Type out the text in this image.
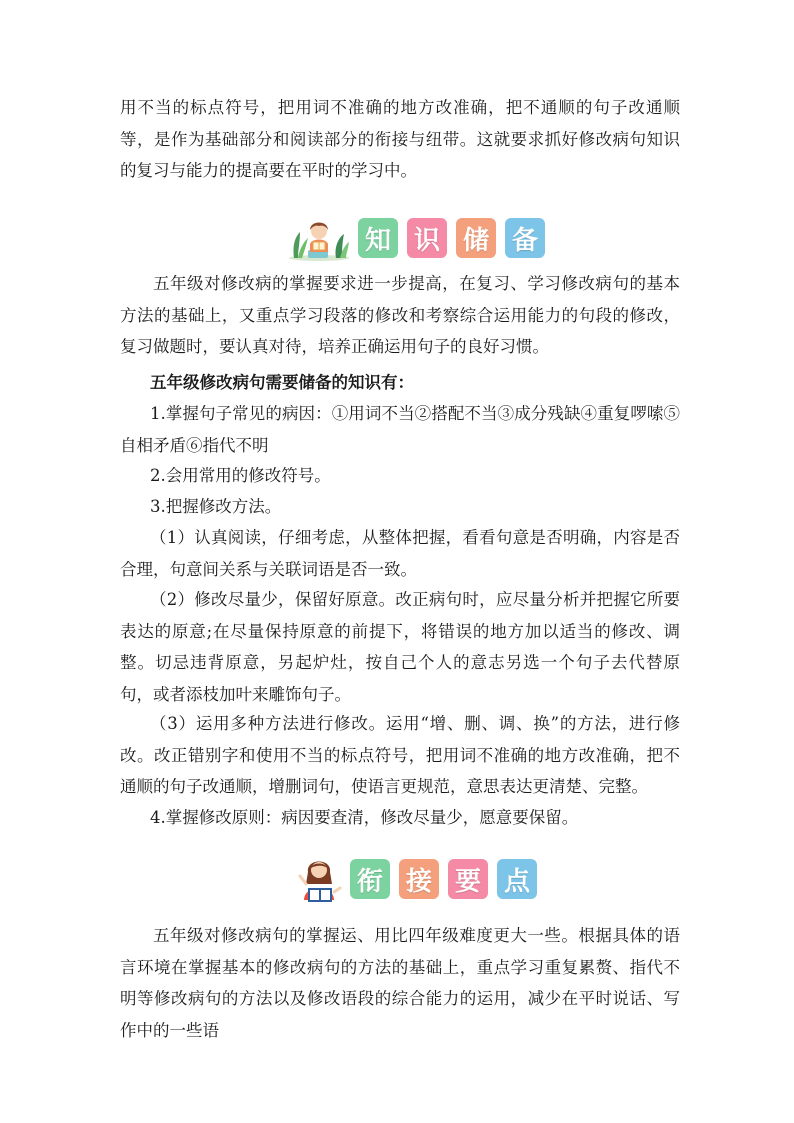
用不当的标点符号，把用词不准确的地方改准确，把不通顺的句子改通顺等，是作为基础部分和阅读部分的衔接与纽带。这就要求抓好修改病句知识的复习与能力的提高要在平时的学习中。

知 识 储 备

五年级对修改病的掌握要求进一步提高，在复习、学习修改病句的基本方法的基础上，又重点学习段落的修改和考察综合运用能力的句段的修改，复习做题时，要认真对待，培养正确运用句子的良好习惯。

五年级修改病句需要储备的知识有：

1.掌握句子常见的病因：①用词不当②搭配不当③成分残缺④重复啰嗦⑤自相矛盾⑥指代不明

2.会用常用的修改符号。
3.把握修改方法。

（1）认真阅读，仔细考虑，从整体把握，看看句意是否明确，内容是否合理，句意间关系与关联词语是否一致。

（2）修改尽量少，保留好原意。改正病句时，应尽量分析并把握它所要表达的原意;在尽量保持原意的前提下，将错误的地方加以适当的修改、调整。切忌违背原意，另起炉灶，按自己个人的意志另选一个句子去代替原句，或者添枝加叶来雕饰句子。

（3）运用多种方法进行修改。运用“增、删、调、换”的方法，进行修改。改正错别字和使用不当的标点符号，把用词不准确的地方改准确，把不通顺的句子改通顺，增删词句，使语言更规范，意思表达更清楚、完整。

4.掌握修改原则：病因要查清，修改尽量少，愿意要保留。
衔 接 要 点

五年级对修改病句的掌握运、用比四年级难度更大一些。根据具体的语言环境在掌握基本的修改病句的方法的基础上，重点学习重复累赘、指代不明等修改病句的方法以及修改语段的综合能力的运用，减少在平时说话、写作中的一些语
